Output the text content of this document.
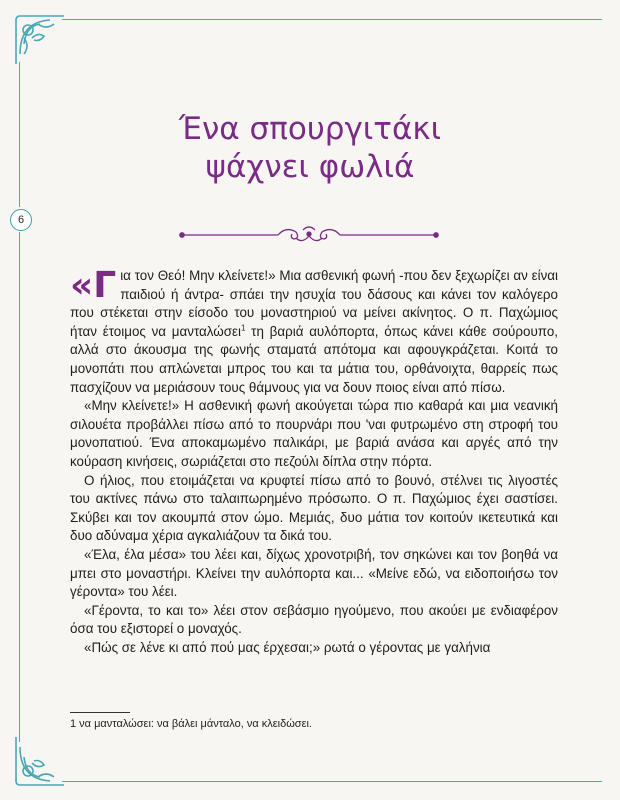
Ένα σπουργιτάκι
ψάχνει φωλιά
6

«Για τον Θεό! Μην κλείνετε!» Μια ασθενική φωνή -που δεν ξεχωρίζει αν είναι παιδιού ή άντρα- σπάει την ησυχία του δάσους και κάνει τον καλόγερο που στέκεται στην είσοδο του μοναστηριού να μείνει ακίνητος. Ο π. Παχώμιος ήταν έτοιμος να μανταλώσει$^1$ τη βαριά αυλόπορτα, όπως κάνει κάθε σούρουπο, αλλά στο άκουσμα της φωνής σταματά απότομα και αφουγκράζεται. Κοιτά το μονοπάτι που απλώνεται μπρος του και τα μάτια του, ορθάνοιχτα, θαρρείς πως πασχίζουν να μεριάσουν τους θάμνους για να δουν ποιος είναι από πίσω.

«Μην κλείνετε!» Η ασθενική φωνή ακούγεται τώρα πιο καθαρά και μια νεανική σιλουέτα προβάλλει πίσω από το πουρνάρι που 'ναι φυτρωμένο στη στροφή του μονοπατιού. Ένα αποκαμωμένο παλικάρι, με βαριά ανάσα και αργές από την κούραση κινήσεις, σωριάζεται στο πεζούλι δίπλα στην πόρτα.

Ο ήλιος, που ετοιμάζεται να κρυφτεί πίσω από το βουνό, στέλνει τις λιγοστές του ακτίνες πάνω στο ταλαιπωρημένο πρόσωπο. Ο π. Παχώμιος έχει σαστίσει. Σκύβει και τον ακουμπά στον ώμο. Μεμιάς, δυο μάτια τον κοιτούν ικετευτικά και δυο αδύναμα χέρια αγκαλιάζουν τα δικά του.

«Έλα, έλα μέσα» του λέει και, δίχως χρονοτριβή, τον σηκώνει και τον βοηθά να μπει στο μοναστήρι. Κλείνει την αυλόπορτα και... «Μείνε εδώ, να ειδοποιήσω τον γέροντα» του λέει.

«Γέροντα, το και το» λέει στον σεβάσμιο ηγούμενο, που ακούει με ενδιαφέρον όσα του εξιστορεί ο μοναχός.

«Πώς σε λένε κι από πού μας έρχεσαι;» ρωτά ο γέροντας με γαλήνια

1 να μανταλώσει: να βάλει μάνταλο, να κλειδώσει.
